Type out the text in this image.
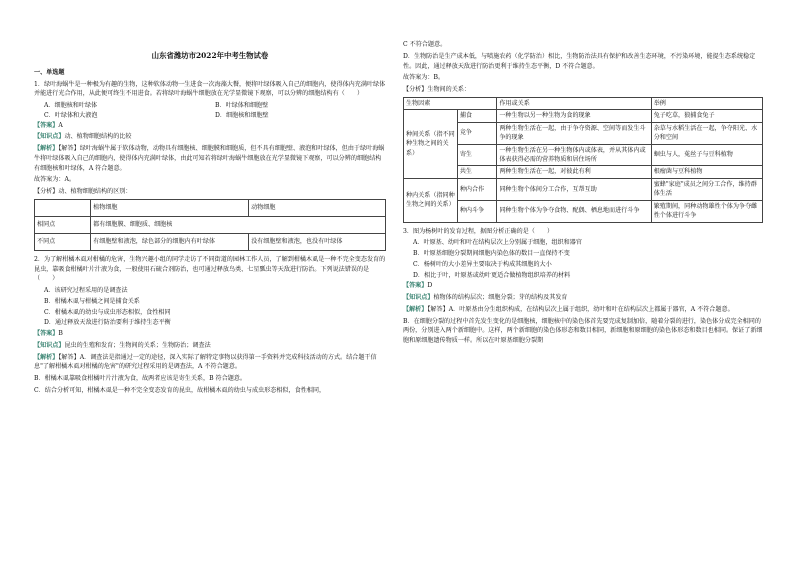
山东省潍坊市2022年中考生物试卷
一、单选题

1．绿叶海蜗牛是一种极为有趣的生物，这种软体动物一生进食一次海藻大餐，便将叶绿体吸入自己的细胞内，使得体内充满叶绿体并能进行光合作用，从此便可终生不用进食。若将绿叶海蜗牛细胞放在光学显微镜下观察，可以分辨的细胞结构有（　　）

A．细胞核和叶绿体	B．叶绿体和细胞壁
C．叶绿体和大液泡	D．细胞核和细胞壁

【答案】A

【知识点】动、植物细胞结构的比较

【解析】【解答】绿叶海蜗牛属于软体动物，动物具有细胞核、细胞膜和细胞质，但不具有细胞壁、液泡和叶绿体，但由于绿叶海蜗牛将叶绿体吸入自己的细胞内，使得体内充满叶绿体，由此可知若将绿叶海蜗牛细胞放在光学显微镜下观察，可以分辨的细胞结构有细胞核和叶绿体，A 符合题意。

故答案为：A。

【分析】动、植物细胞结构的区别：

	植物细胞	动物细胞
相同点	都有细胞膜、细胞质、细胞核	
不同点	有细胞壁和液泡，绿色部分的细胞内有叶绿体	没有细胞壁和液泡，也没有叶绿体

2．为了解柑橘木虱对柑橘的危害，生物兴趣小组的同学走访了不同街道的园林工作人员，了解到柑橘木虱是一种不完全变态发育的昆虫，靠吸食柑橘叶片汁液为食，一般使用石硫合剂防治，也可通过释放鸟类、七星瓢虫等天敌进行防治。下列说法错误的是（　　）

A．该研究过程采用的是调查法
B．柑橘木虱与柑橘之间是捕食关系
C．柑橘木虱的幼虫与成虫形态相似，食性相同
D．通过释放天敌进行防治要利于维持生态平衡

【答案】B

【知识点】昆虫的生殖和发育；生物间的关系；生物防治；调查法

【解析】【解答】A．调查法是指通过一定的途径，深入实际了解特定事物以获得第一手资料并完成科技活动的方式。结合题干信息"了解柑橘木虱对柑橘的危害"的研究过程采用的是调查法，A 不符合题意。

B．柑橘木虱靠吸食柑橘叶片汁液为食，故两者应该是寄生关系，B 符合题意。

C．结合分析可知，柑橘木虱是一种不完全变态发育的昆虫，故柑橘木虱的幼虫与成虫形态相似，食性相同，

C 不符合题意。

D．生物防治是生产成本低，与喷施农药（化学防治）相比，生物防治法具有保护和改善生态环境，不污染环境，能提生态系统稳定性。因此，通过释放天敌进行防治更利于维持生态平衡，D 不符合题意。

故答案为：B。

【分析】生物间的关系：

生物因素		作用或关系	举例
种间关系（指不同种生物之间的关系）	捕食	一种生物以另一种生物为食的现象	兔子吃草，狼捕食兔子
	竞争	两种生物生活在一起，由于争夺资源、空间等而发生斗争的现象	杂草与水稻生活在一起，争夺阳光、水分和空间
	寄生	一种生物生活在另一种生物体内或体表，并从其体内或体表获得必需的营养物质和居住场所	蛔虫与人，菟丝子与豆科植物
	共生	两种生物生活在一起，对彼此有利	根瘤菌与豆科植物
种内关系（指同种生物之间的关系）	种内合作	同种生物个体间分工合作，互帮互助	蜜蜂"家庭"成员之间分工合作，维持群体生活
	种内斗争	同种生物个体为争夺食物、配偶、栖息地而进行斗争	繁殖期间，同种动物雄性个体为争夺雌性个体进行斗争

3．图为杨树叶的发育过程，据图分析正确的是（　　）

A．叶原基、幼叶和叶在结构层次上分别属于细胞，组织和器官
B．叶原基细胞分裂期间细胞内染色体的数目一直保持不变
C．杨树叶的大小差异主要取决于构成其细胞的大小
D．相比于叶，叶原基或幼叶更适合做植物组织培养的材料

【答案】D

【知识点】植物体的结构层次；细胞分裂；芽的结构及其发育

【解析】【解答】A．叶原基由分生组织构成，在结构层次上属于组织，幼叶和叶在结构层次上都属于器官，A 不符合题意。

B．在细胞分裂的过程中首先发生变化的是细胞核，细胞核中的染色体首先要完成复制加倍，随着分裂的进行，染色体分成完全相同的两份，分别进入两个新细胞中。这样，两个新细胞的染色体形态和数目相同，新细胞和原细胞的染色体形态和数目也相同。保证了新细胞和原细胞遗传物质一样。所以在叶原基细胞分裂期
